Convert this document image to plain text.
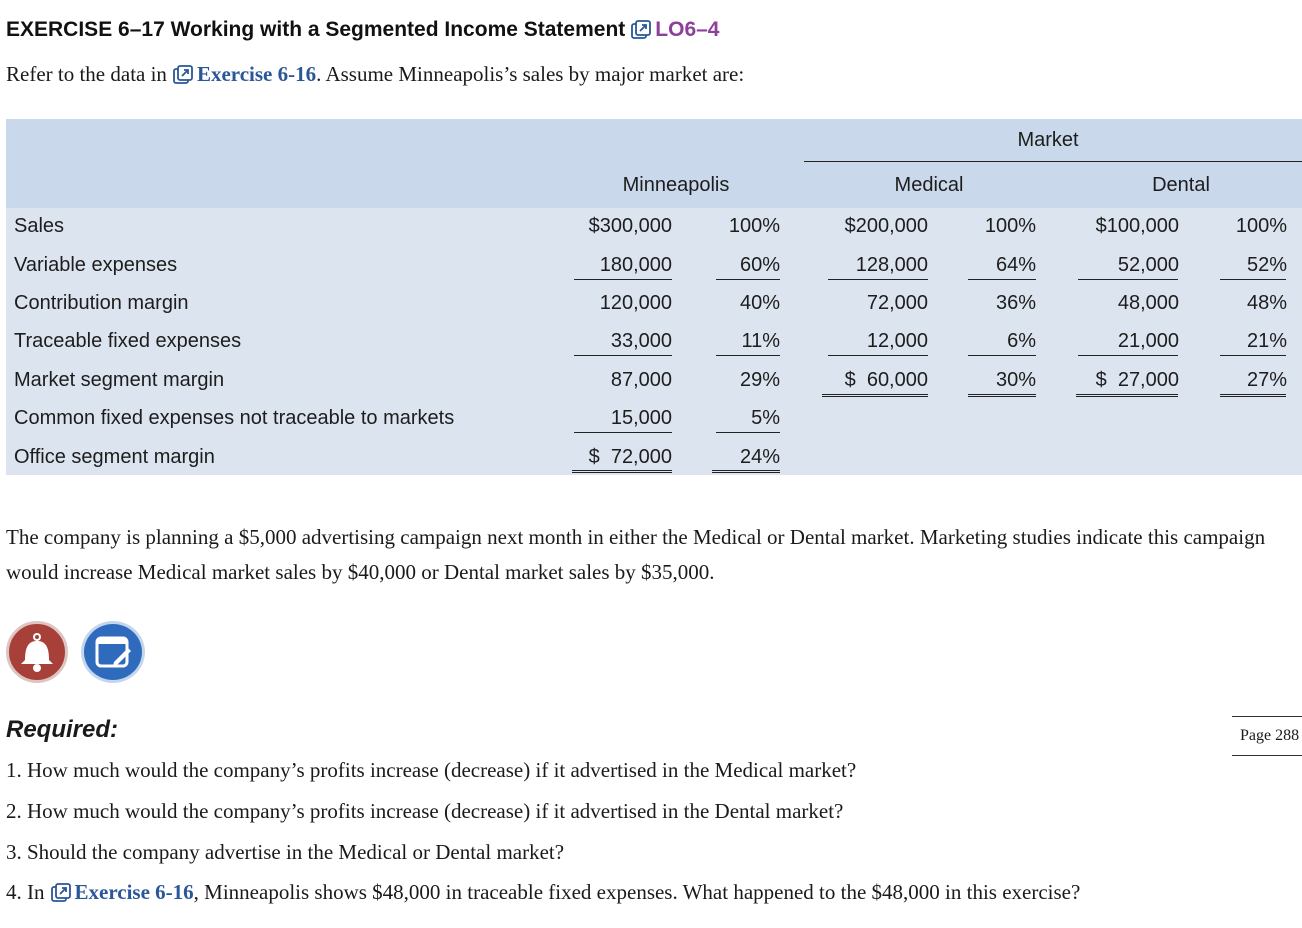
EXERCISE 6–17 Working with a Segmented Income Statement LO6–4
Refer to the data in Exercise 6-16 . Assume Minneapolis’s sales by major market are:
Market
Minneapolis	Medical	Dental
Sales	$300,000	100%	$200,000	100%	$100,000	100%
Variable expenses	180,000	60%	128,000	64%	52,000	52%
Contribution margin	120,000	40%	72,000	36%	48,000	48%
Traceable fixed expenses	33,000	11%	12,000	6%	21,000	21%
Market segment margin	87,000	29%	$  60,000	30%	$  27,000	27%
Common fixed expenses not traceable to markets	15,000	5%
Office segment margin	$  72,000	24%
The company is planning a $5,000 advertising campaign next month in either the Medical or Dental market. Marketing studies indicate this campaign would increase Medical market sales by $40,000 or Dental market sales by $35,000.
Required:	Page 288
1. How much would the company’s profits increase (decrease) if it advertised in the Medical market?
2. How much would the company’s profits increase (decrease) if it advertised in the Dental market?
3. Should the company advertise in the Medical or Dental market?
4. In Exercise 6-16 , Minneapolis shows $48,000 in traceable fixed expenses. What happened to the $48,000 in this exercise?
